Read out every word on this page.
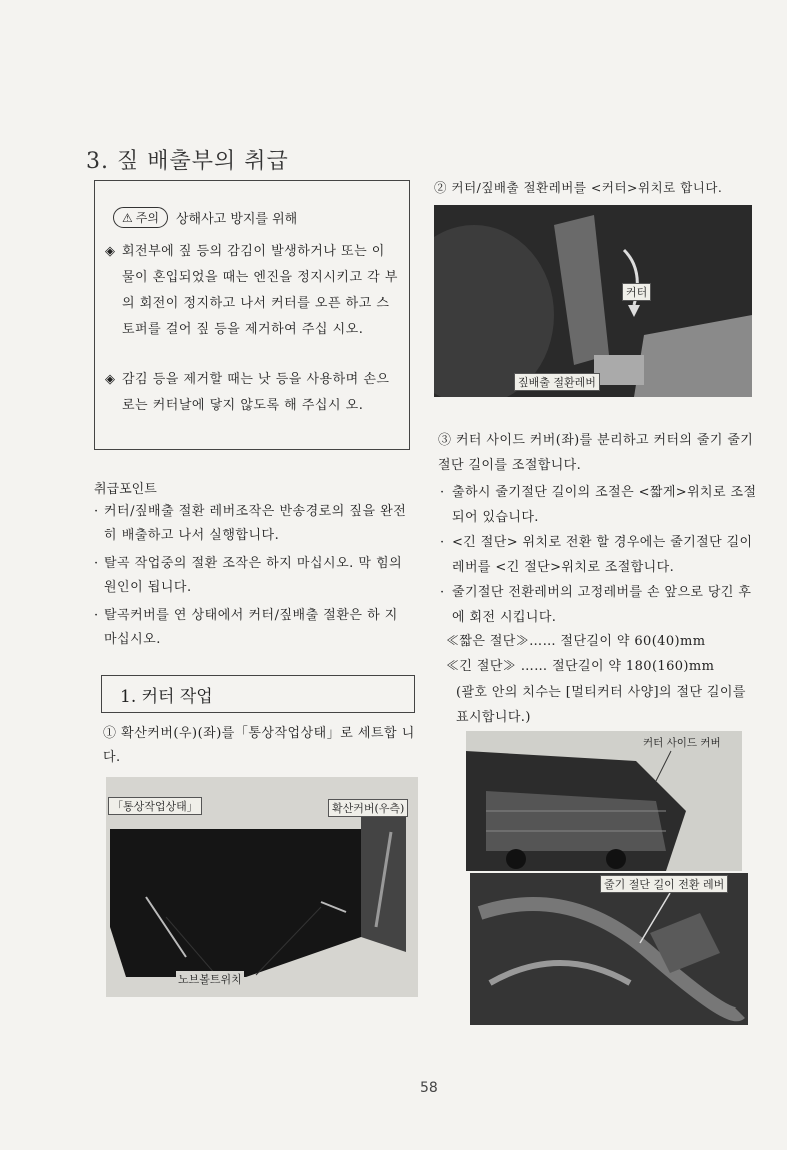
3. 짚 배출부의 취급
⚠ 주의 상해사고 방지를 위해
◈ 회전부에 짚 등의 감김이 발생하거나 또는 이 물이 혼입되었을 때는 엔진을 정지시키고 각 부의 회전이 정지하고 나서 커터를 오픈 하고 스토퍼를 걸어 짚 등을 제거하여 주십 시오.
◈ 감김 등을 제거할 때는 낫 등을 사용하며 손으로는 커터날에 닿지 않도록 해 주십시 오.
취급포인트
· 커터/짚배출 절환 레버조작은 반송경로의 짚을 완전히 배출하고 나서 실행합니다.
· 탈곡 작업중의 절환 조작은 하지 마십시오. 막 힘의 원인이 됩니다.
· 탈곡커버를 연 상태에서 커터/짚배출 절환은 하 지 마십시오.
1. 커터 작업
① 확산커버(우)(좌)를「통상작업상태」로 세트합 니다.
「통상작업상태」	확산커버(우측)
노브볼트위치
② 커터/짚배출 절환레버를 <커터>위치로 합니다.
커터
짚배출 절환레버
③ 커터 사이드 커버(좌)를 분리하고 커터의 줄기 줄기절단 길이를 조절합니다.
· 출하시 줄기절단 길이의 조절은 <짧게>위치로 조절 되어 있습니다.
· <긴 절단> 위치로 전환 할 경우에는 줄기절단 길이 레버를 <긴 절단>위치로 조절합니다.
· 줄기절단 전환레버의 고정레버를 손 앞으로 당긴 후에 회전 시킵니다.
≪짧은 절단≫…… 절단길이 약 60(40)mm
≪긴 절단≫ …… 절단길이 약 180(160)mm
(괄호 안의 치수는 [멀티커터 사양]의 절단 길이를 표시합니다.)
커터 사이드 커버
줄기 절단 길이 전환 레버
58
